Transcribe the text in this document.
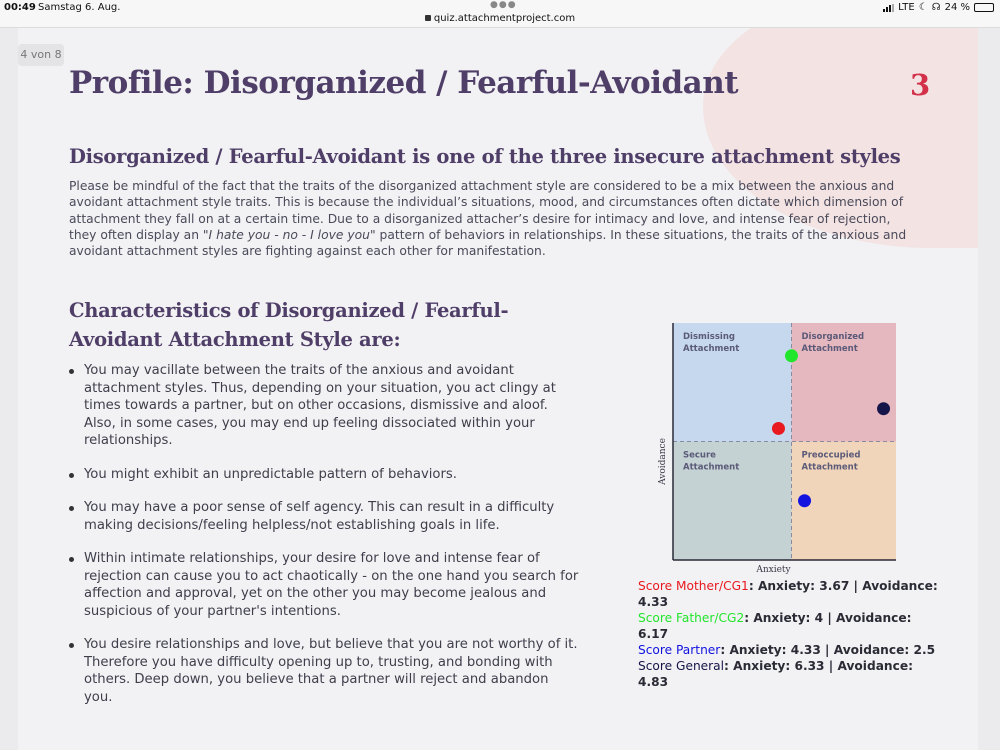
00:49 Samstag 6. Aug.	●●●
quiz.attachmentproject.com
LTE ☾ ☊ 24 %
4 von 8
Profile: Disorganized / Fearful-Avoidant	3
Disorganized / Fearful-Avoidant is one of the three insecure attachment styles

Please be mindful of the fact that the traits of the disorganized attachment style are considered to be a mix between the anxious and avoidant attachment style traits. This is because the individual’s situations, mood, and circumstances often dictate which dimension of attachment they fall on at a certain time. Due to a disorganized attacher’s desire for intimacy and love, and intense fear of rejection, they often display an "I hate you - no - I love you" pattern of behaviors in relationships. In these situations, the traits of the anxious and avoidant attachment styles are fighting against each other for manifestation.

Characteristics of Disorganized / Fearful-Avoidant Attachment Style are:
You may vacillate between the traits of the anxious and avoidant attachment styles. Thus, depending on your situation, you act clingy at times towards a partner, but on other occasions, dismissive and aloof. Also, in some cases, you may end up feeling dissociated within your relationships.
You might exhibit an unpredictable pattern of behaviors.
You may have a poor sense of self agency. This can result in a difficulty making decisions/feeling helpless/not establishing goals in life.
Within intimate relationships, your desire for love and intense fear of rejection can cause you to act chaotically - on the one hand you search for affection and approval, yet on the other you may become jealous and suspicious of your partner's intentions.
You desire relationships and love, but believe that you are not worthy of it. Therefore you have difficulty opening up to, trusting, and bonding with others. Deep down, you believe that a partner will reject and abandon you.
Dismissing
Attachment
Disorganized
Attachment
Secure
Attachment
Preoccupied
Attachment
Anxiety
Avoidance
Score Mother/CG1: Anxiety: 3.67 | Avoidance: 4.33
Score Father/CG2: Anxiety: 4 | Avoidance: 6.17
Score Partner: Anxiety: 4.33 | Avoidance: 2.5
Score General: Anxiety: 6.33 | Avoidance: 4.83
